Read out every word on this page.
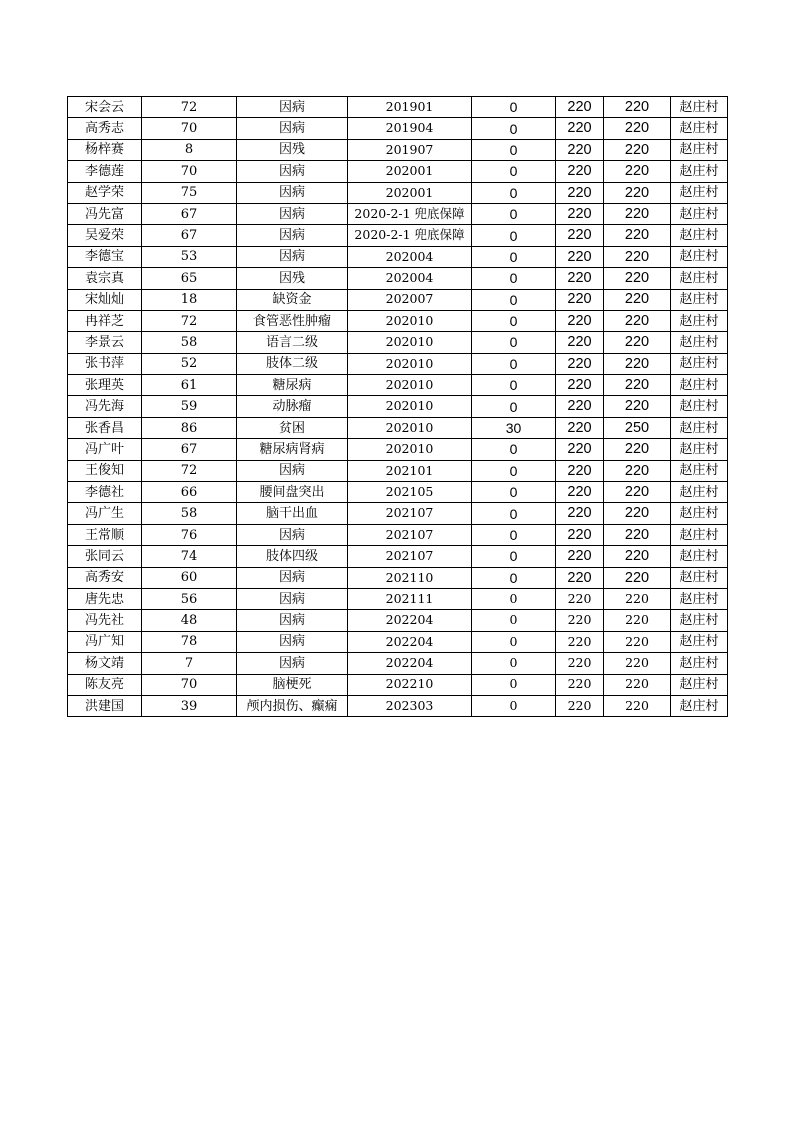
宋会云	72	因病	201901	0	220	220	赵庄村
高秀志	70	因病	201904	0	220	220	赵庄村
杨梓赛	8	因残	201907	0	220	220	赵庄村
李德莲	70	因病	202001	0	220	220	赵庄村
赵学荣	75	因病	202001	0	220	220	赵庄村
冯先富	67	因病	2020-2-1 兜底保障	0	220	220	赵庄村
吴爱荣	67	因病	2020-2-1 兜底保障	0	220	220	赵庄村
李德宝	53	因病	202004	0	220	220	赵庄村
袁宗真	65	因残	202004	0	220	220	赵庄村
宋灿灿	18	缺资金	202007	0	220	220	赵庄村
冉祥芝	72	食管恶性肿瘤	202010	0	220	220	赵庄村
李景云	58	语言二级	202010	0	220	220	赵庄村
张书萍	52	肢体二级	202010	0	220	220	赵庄村
张理英	61	糖尿病	202010	0	220	220	赵庄村
冯先海	59	动脉瘤	202010	0	220	220	赵庄村
张香昌	86	贫困	202010	30	220	250	赵庄村
冯广叶	67	糖尿病肾病	202010	0	220	220	赵庄村
王俊知	72	因病	202101	0	220	220	赵庄村
李德社	66	腰间盘突出	202105	0	220	220	赵庄村
冯广生	58	脑干出血	202107	0	220	220	赵庄村
王常顺	76	因病	202107	0	220	220	赵庄村
张同云	74	肢体四级	202107	0	220	220	赵庄村
高秀安	60	因病	202110	0	220	220	赵庄村
唐先忠	56	因病	202111	0	220	220	赵庄村
冯先社	48	因病	202204	0	220	220	赵庄村
冯广知	78	因病	202204	0	220	220	赵庄村
杨文靖	7	因病	202204	0	220	220	赵庄村
陈友亮	70	脑梗死	202210	0	220	220	赵庄村
洪建国	39	颅内损伤、癫痫	202303	0	220	220	赵庄村
